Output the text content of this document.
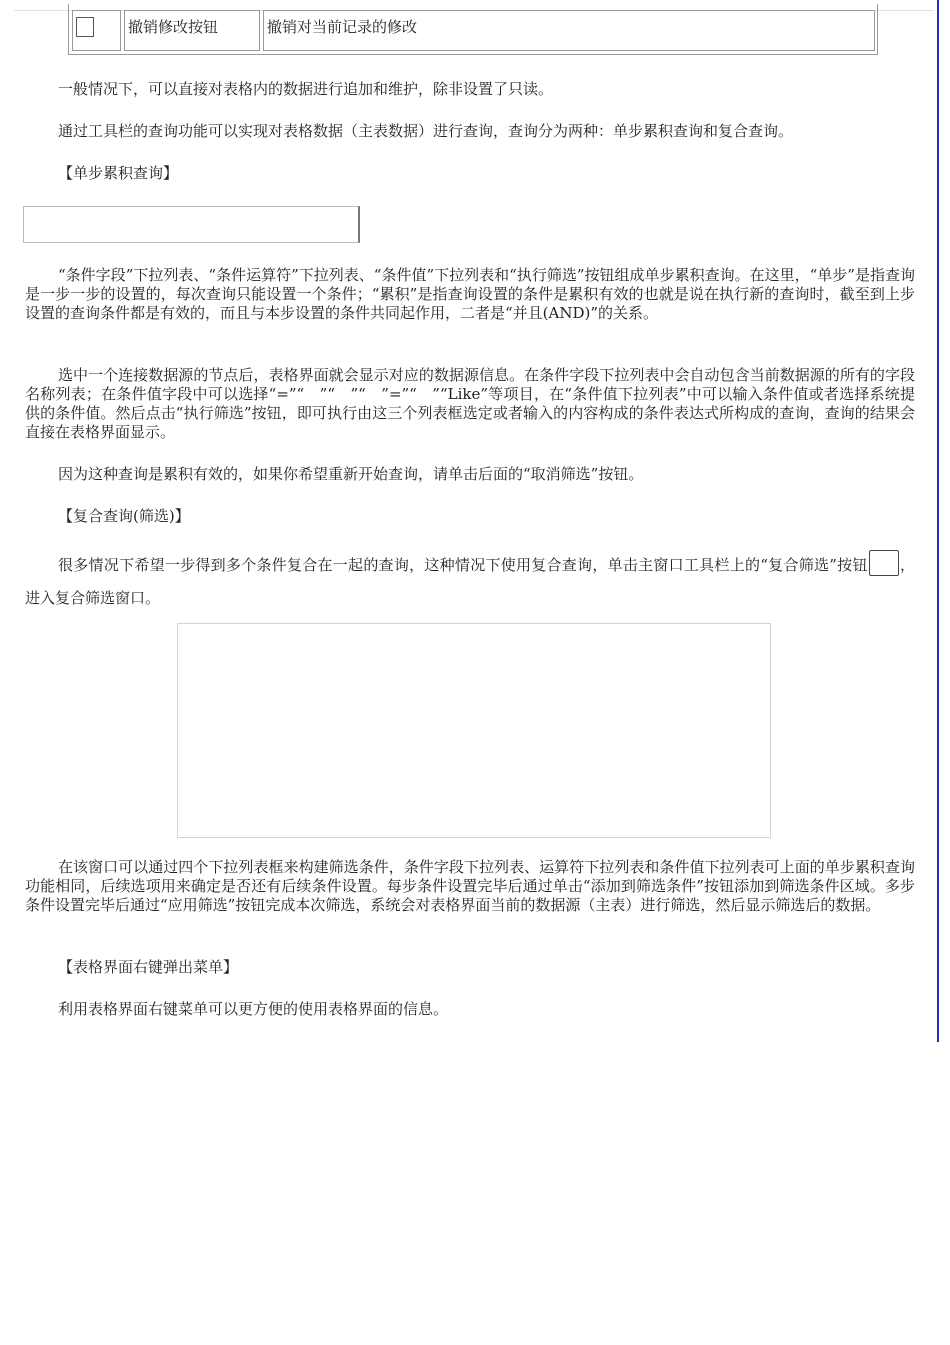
撤销修改按钮	撤销对当前记录的修改

一般情况下，可以直接对表格内的数据进行追加和维护，除非设置了只读。

通过工具栏的查询功能可以实现对表格数据（主表数据）进行查询，查询分为两种：单步累积查询和复合查询。

【单步累积查询】

“条件字段”下拉列表、“条件运算符”下拉列表、“条件值”下拉列表和“执行筛选”按钮组成单步累积查询。在这里，“单步”是指查询是一步一步的设置的，每次查询只能设置一个条件；“累积”是指查询设置的条件是累积有效的也就是说在执行新的查询时，截至到上步设置的查询条件都是有效的，而且与本步设置的条件共同起作用，二者是“并且(AND)”的关系。

选中一个连接数据源的节点后，表格界面就会显示对应的数据源信息。在条件字段下拉列表中会自动包含当前数据源的所有的字段名称列表；在条件值字段中可以选择“=”“　”“　”“　”=”“　”“Like”等项目，在“条件值下拉列表”中可以输入条件值或者选择系统提供的条件值。然后点击“执行筛选”按钮，即可执行由这三个列表框选定或者输入的内容构成的条件表达式所构成的查询，查询的结果会直接在表格界面显示。

因为这种查询是累积有效的，如果你希望重新开始查询，请单击后面的“取消筛选”按钮。

【复合查询(筛选)】

很多情况下希望一步得到多个条件复合在一起的查询，这种情况下使用复合查询，单击主窗口工具栏上的“复合筛选”按钮 ，进入复合筛选窗口。

在该窗口可以通过四个下拉列表框来构建筛选条件，条件字段下拉列表、运算符下拉列表和条件值下拉列表可上面的单步累积查询功能相同，后续选项用来确定是否还有后续条件设置。每步条件设置完毕后通过单击“添加到筛选条件”按钮添加到筛选条件区域。多步条件设置完毕后通过“应用筛选”按钮完成本次筛选，系统会对表格界面当前的数据源（主表）进行筛选，然后显示筛选后的数据。

【表格界面右键弹出菜单】

利用表格界面右键菜单可以更方便的使用表格界面的信息。
